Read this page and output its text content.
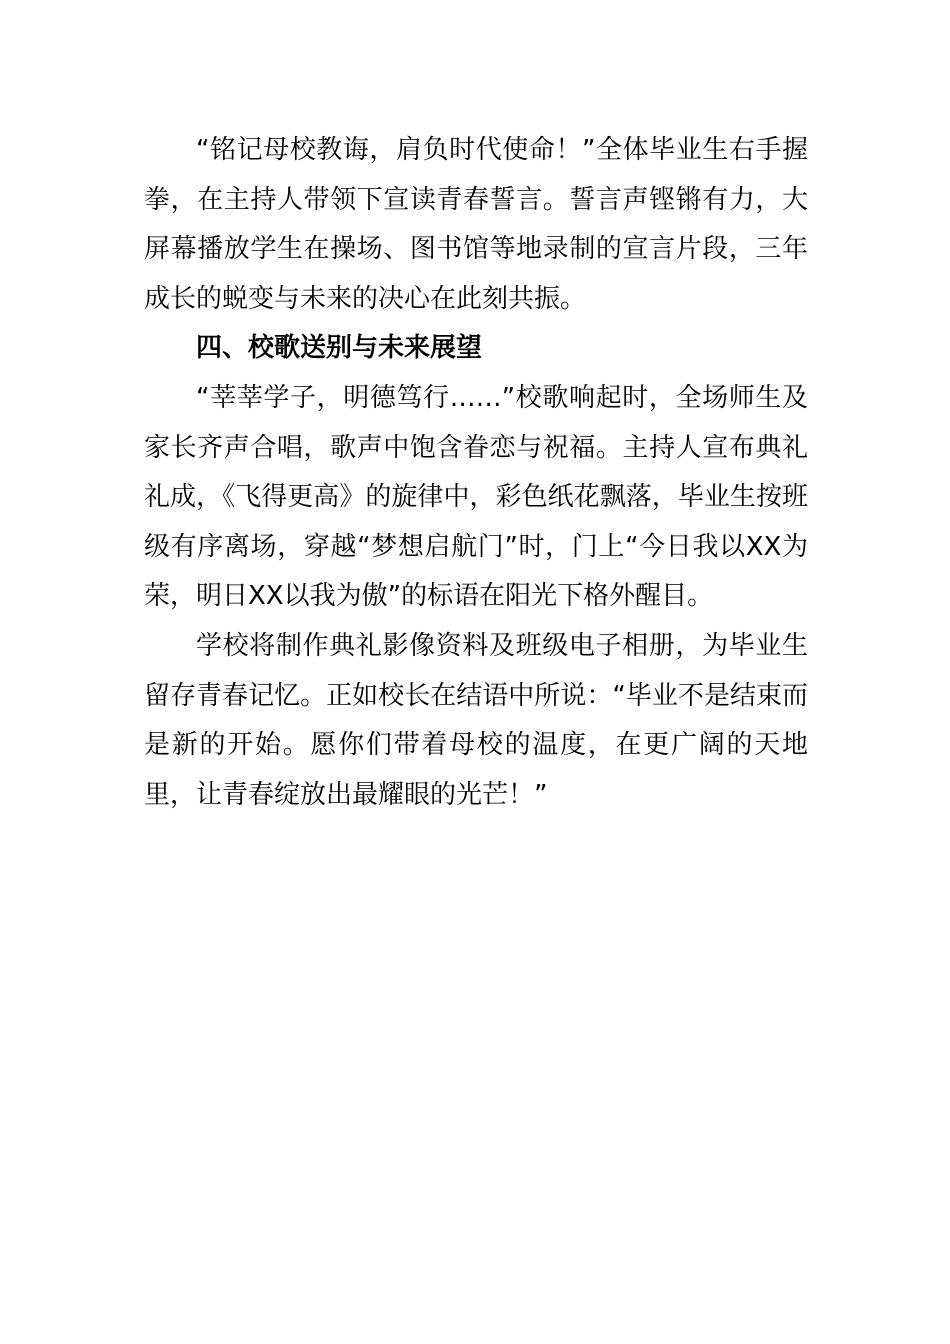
“铭记母校教诲，肩负时代使命！”全体毕业生右手握拳，在主持人带领下宣读青春誓言。誓言声铿锵有力，大屏幕播放学生在操场、图书馆等地录制的宣言片段，三年成长的蜕变与未来的决心在此刻共振。

四、校歌送别与未来展望

“莘莘学子，明德笃行……”校歌响起时，全场师生及家长齐声合唱，歌声中饱含眷恋与祝福。主持人宣布典礼礼成，《飞得更高》的旋律中，彩色纸花飘落，毕业生按班级有序离场，穿越“梦想启航门”时，门上“今日我以XX为荣，明日XX以我为傲”的标语在阳光下格外醒目。

学校将制作典礼影像资料及班级电子相册，为毕业生留存青春记忆。正如校长在结语中所说：“毕业不是结束而是新的开始。愿你们带着母校的温度，在更广阔的天地里，让青春绽放出最耀眼的光芒！”
